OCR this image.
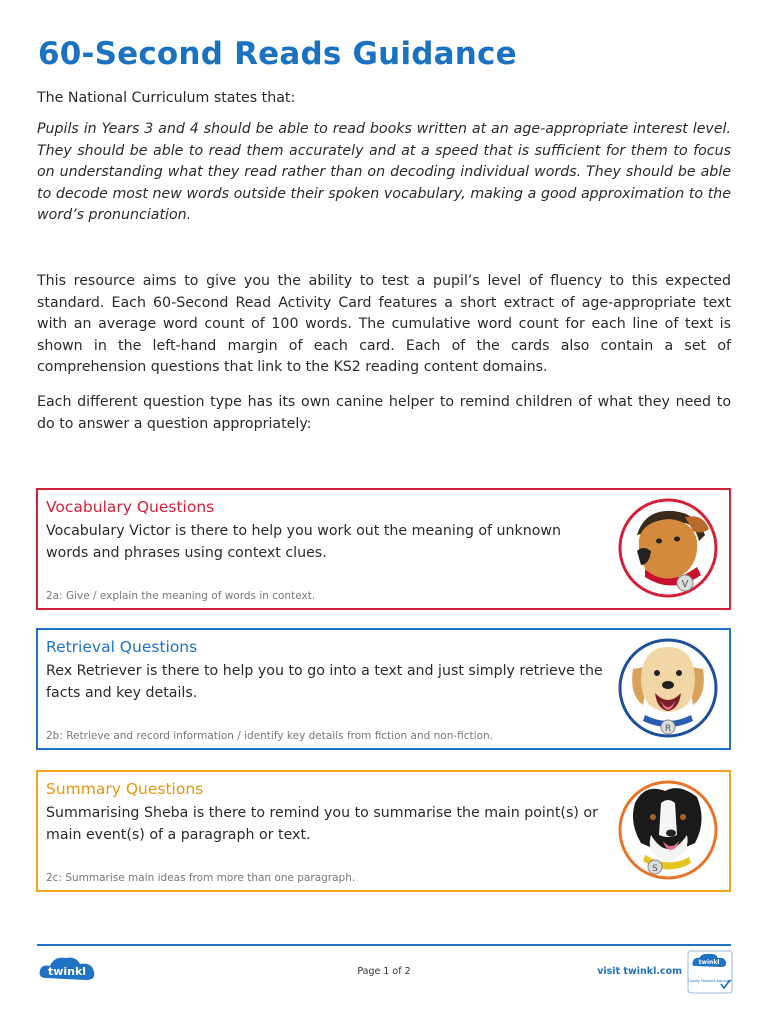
60-Second Reads Guidance

The National Curriculum states that:

Pupils in Years 3 and 4 should be able to read books written at an age-appropriate interest level. They should be able to read them accurately and at a speed that is sufficient for them to focus on understanding what they read rather than on decoding individual words. They should be able to decode most new words outside their spoken vocabulary, making a good approximation to the word’s pronunciation.

This resource aims to give you the ability to test a pupil’s level of fluency to this expected standard. Each 60-Second Read Activity Card features a short extract of age-appropriate text with an average word count of 100 words. The cumulative word count for each line of text is shown in the left-hand margin of each card. Each of the cards also contain a set of comprehension questions that link to the KS2 reading content domains.

Each different question type has its own canine helper to remind children of what they need to do to answer a question appropriately:

Vocabulary Questions

Vocabulary Victor is there to help you work out the meaning of unknown words and phrases using context clues.

2a: Give / explain the meaning of words in context.

V
Retrieval Questions

Rex Retriever is there to help you to go into a text and just simply retrieve the facts and key details.

2b: Retrieve and record information / identify key details from fiction and non-fiction.

R
Summary Questions

Summarising Sheba is there to remind you to summarise the main point(s) or main event(s) of a paragraph or text.

2c: Summarise main ideas from more than one paragraph.

S
twinkl	Page 1 of 2	visit twinkl.com

twinkl
Quality Standard Approved
